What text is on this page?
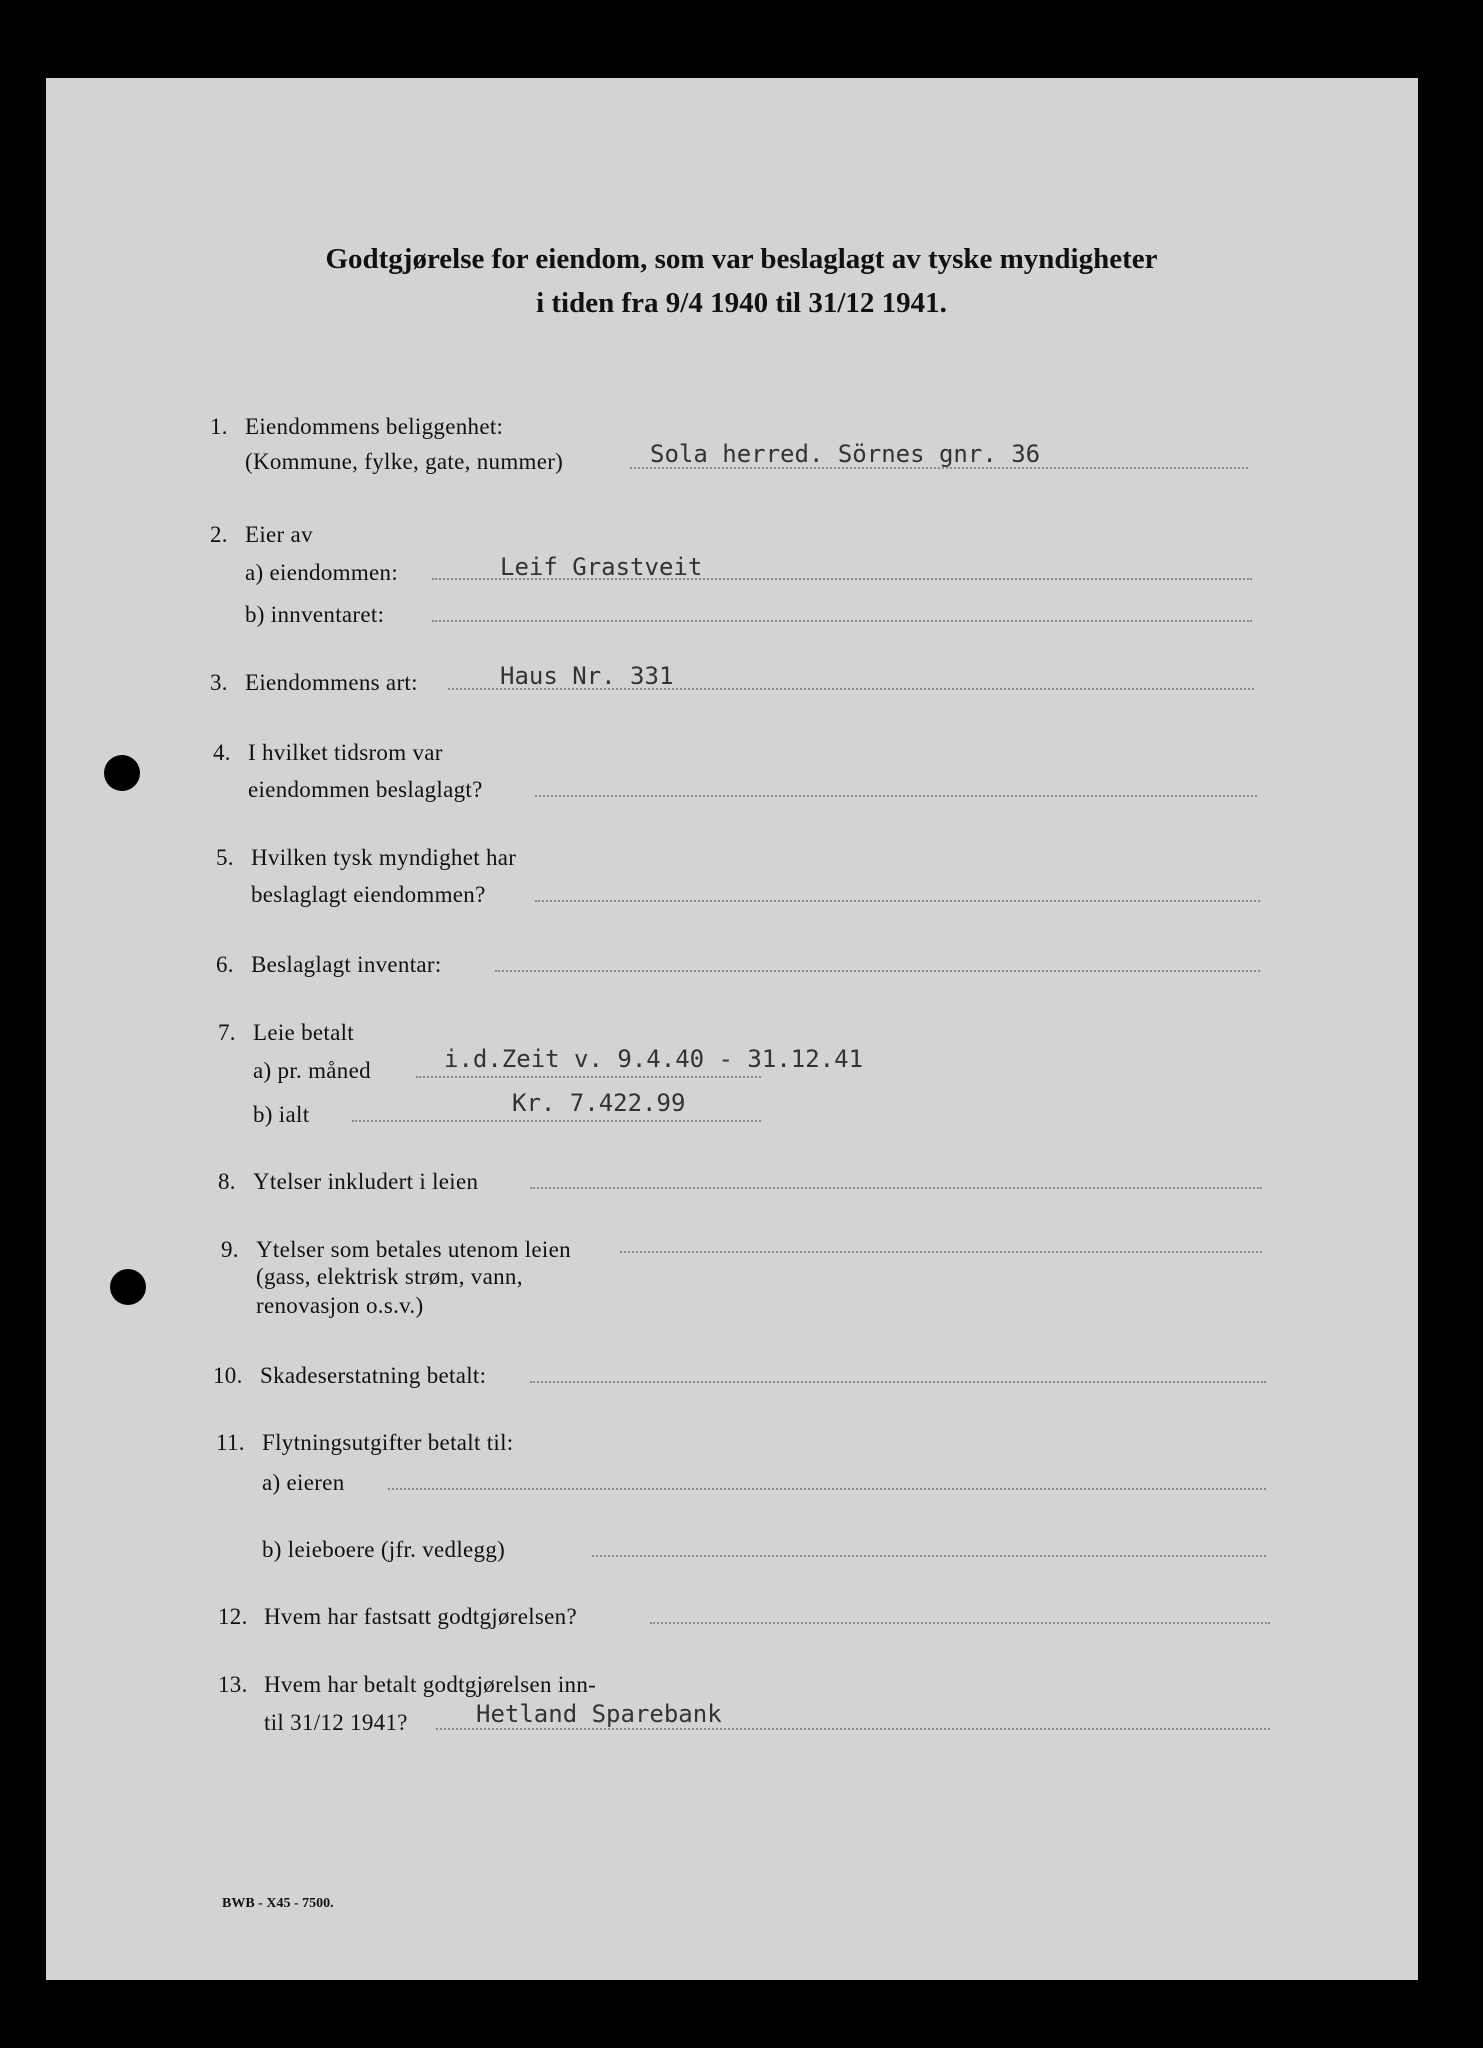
Godtgjørelse for eiendom, som var beslaglagt av tyske myndigheter
i tiden fra 9/4 1940 til 31/12 1941.
1. Eiendommens beliggenhet:
(Kommune, fylke, gate, nummer)	Sola herred. Sörnes gnr. 36
2. Eier av
a) eiendommen:	Leif Grastveit
b) innventaret:
3. Eiendommens art:	Haus Nr. 331
4. I hvilket tidsrom var
eiendommen beslaglagt?
5. Hvilken tysk myndighet har
beslaglagt eiendommen?
6. Beslaglagt inventar:
7. Leie betalt
a) pr. måned	i.d.Zeit v. 9.4.40 - 31.12.41
b) ialt	Kr. 7.422.99
8. Ytelser inkludert i leien
9. Ytelser som betales utenom leien
(gass, elektrisk strøm, vann,
renovasjon o.s.v.)
10. Skadeserstatning betalt:
11. Flytningsutgifter betalt til:
a) eieren
b) leieboere (jfr. vedlegg)
12. Hvem har fastsatt godtgjørelsen?
13. Hvem har betalt godtgjørelsen inn-
til 31/12 1941?	Hetland Sparebank
BWB - X45 - 7500.
